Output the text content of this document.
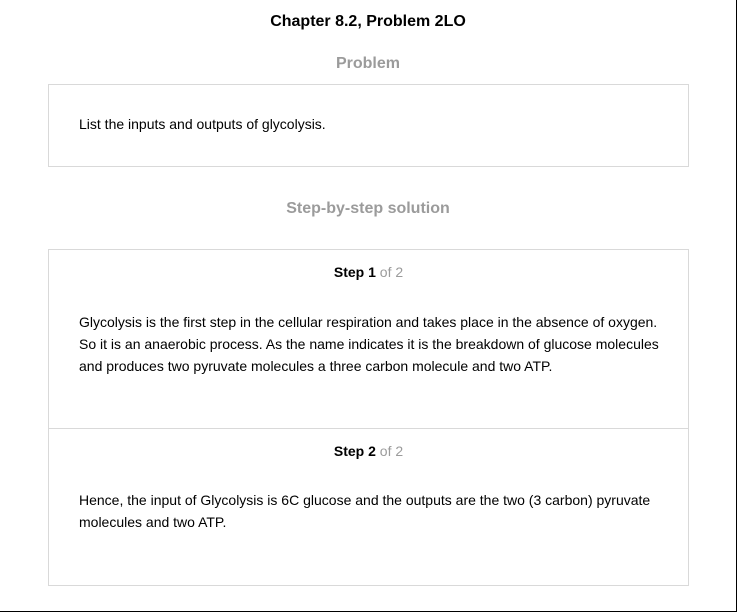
Chapter 8.2, Problem 2LO
Problem
List the inputs and outputs of glycolysis.
Step-by-step solution
Step 1 of 2
Glycolysis is the first step in the cellular respiration and takes place in the absence of oxygen. So it is an anaerobic process. As the name indicates it is the breakdown of glucose molecules and produces two pyruvate molecules a three carbon molecule and two ATP.
Step 2 of 2
Hence, the input of Glycolysis is 6C glucose and the outputs are the two (3 carbon) pyruvate molecules and two ATP.
